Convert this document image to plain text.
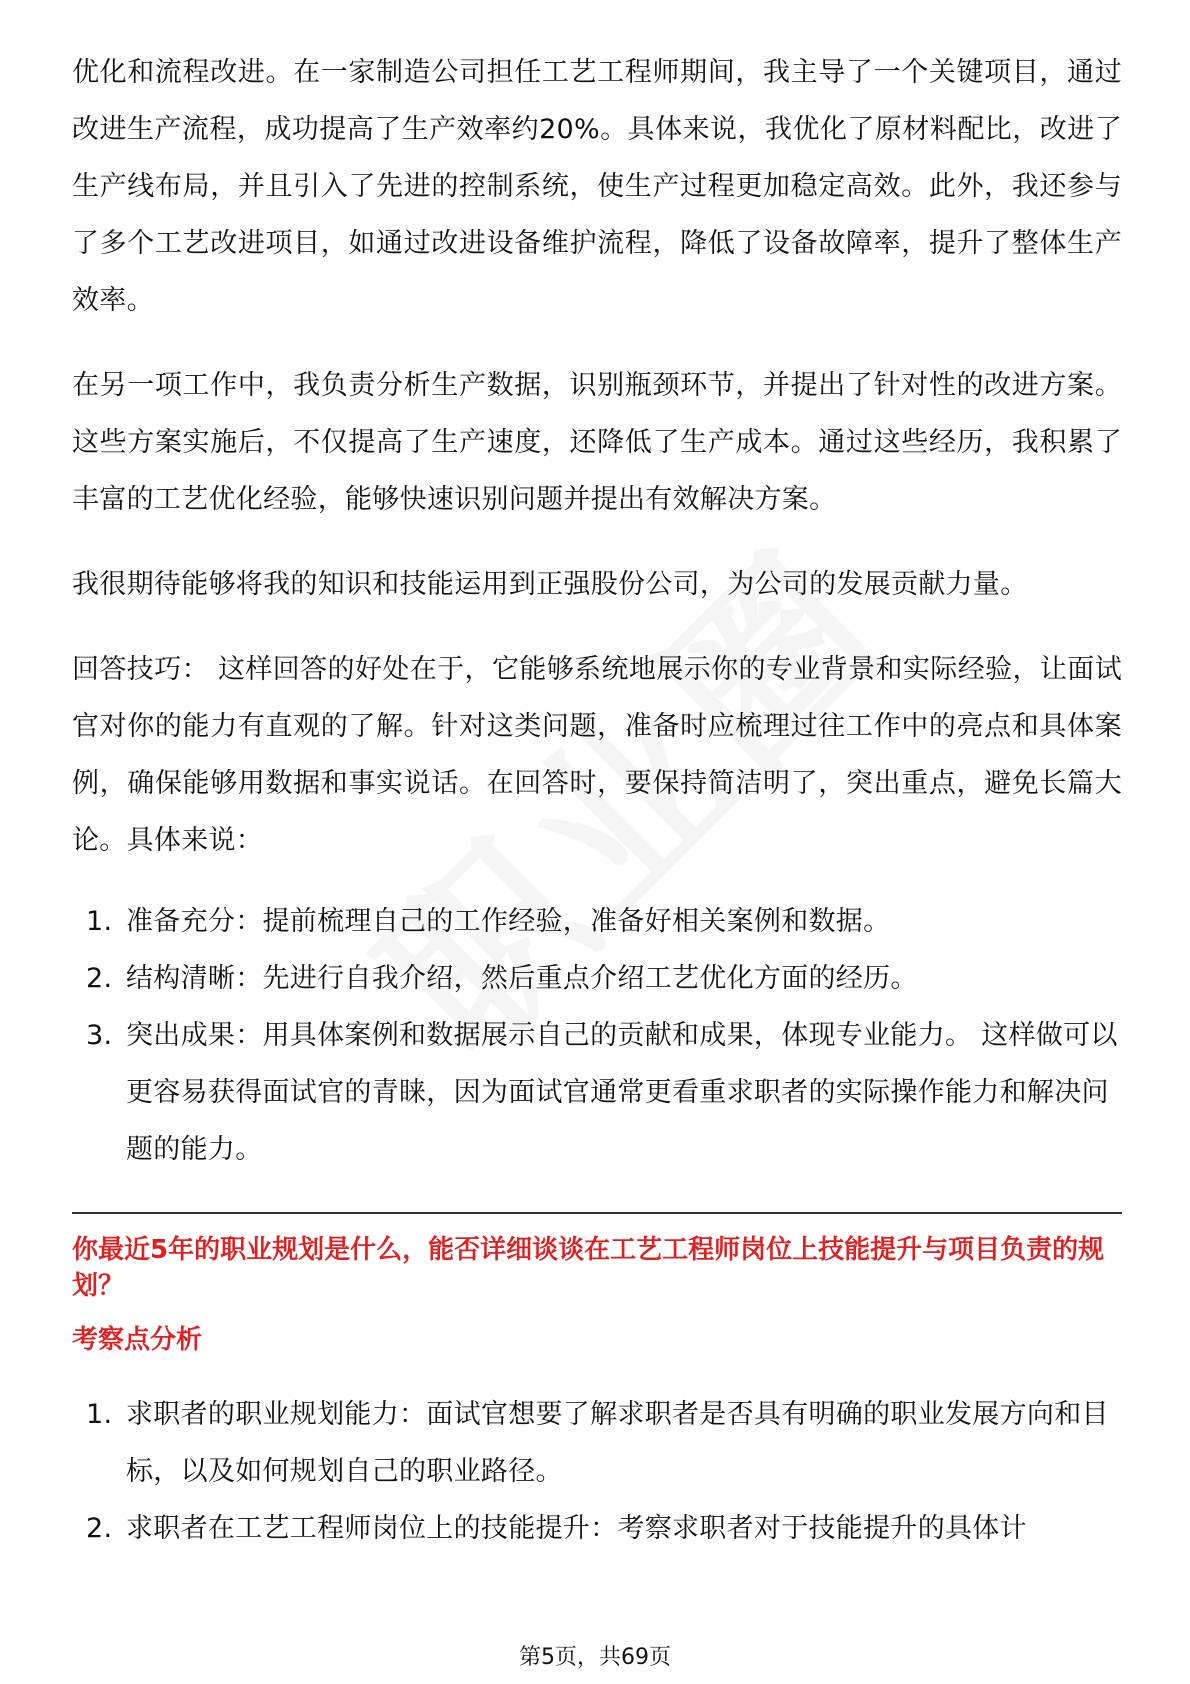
优化和流程改进。在一家制造公司担任工艺工程师期间，我主导了一个关键项目，通过改进生产流程，成功提高了生产效率约20%。具体来说，我优化了原材料配比，改进了生产线布局，并且引入了先进的控制系统，使生产过程更加稳定高效。此外，我还参与了多个工艺改进项目，如通过改进设备维护流程，降低了设备故障率，提升了整体生产效率。

在另一项工作中，我负责分析生产数据，识别瓶颈环节，并提出了针对性的改进方案。这些方案实施后，不仅提高了生产速度，还降低了生产成本。通过这些经历，我积累了丰富的工艺优化经验，能够快速识别问题并提出有效解决方案。

我很期待能够将我的知识和技能运用到正强股份公司，为公司的发展贡献力量。

回答技巧： 这样回答的好处在于，它能够系统地展示你的专业背景和实际经验，让面试官对你的能力有直观的了解。针对这类问题，准备时应梳理过往工作中的亮点和具体案例，确保能够用数据和事实说话。在回答时，要保持简洁明了，突出重点，避免长篇大论。具体来说：

1. 准备充分：提前梳理自己的工作经验，准备好相关案例和数据。
2. 结构清晰：先进行自我介绍，然后重点介绍工艺优化方面的经历。
3. 突出成果：用具体案例和数据展示自己的贡献和成果，体现专业能力。 这样做可以更容易获得面试官的青睐，因为面试官通常更看重求职者的实际操作能力和解决问题的能力。
你最近5年的职业规划是什么，能否详细谈谈在工艺工程师岗位上技能提升与项目负责的规划？
考察点分析
1. 求职者的职业规划能力：面试官想要了解求职者是否具有明确的职业发展方向和目标，以及如何规划自己的职业路径。
2. 求职者在工艺工程师岗位上的技能提升：考察求职者对于技能提升的具体计
第5页，共69页
